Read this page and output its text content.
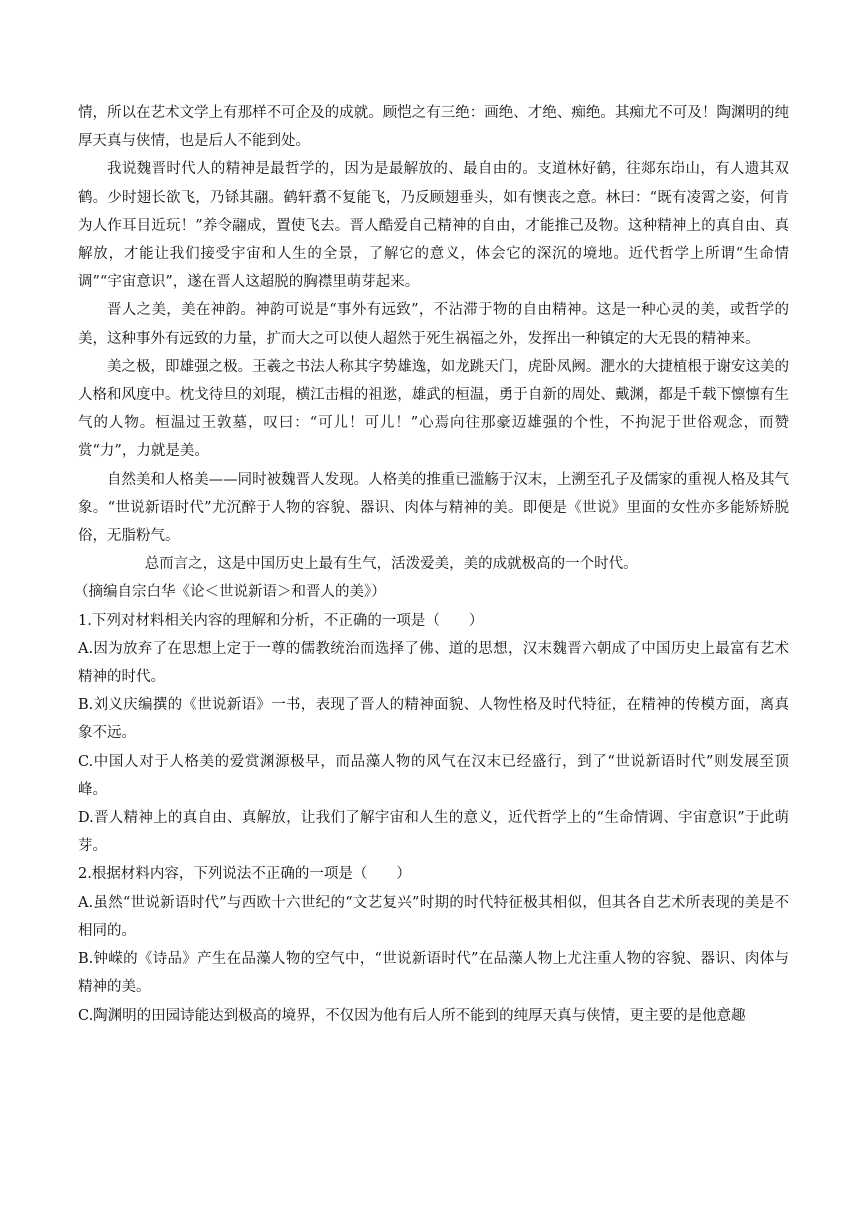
情，所以在艺术文学上有那样不可企及的成就。顾恺之有三绝：画绝、才绝、痴绝。其痴尤不可及！陶渊明的纯厚天真与侠情，也是后人不能到处。

我说魏晋时代人的精神是最哲学的，因为是最解放的、最自由的。支道林好鹤，往郯东岇山，有人遗其双鹤。少时翅长欲飞，乃铩其翮。鹤轩翥不复能飞，乃反顾翅垂头，如有懊丧之意。林曰：“既有凌霄之姿，何肯为人作耳目近玩！”养令翮成，置使飞去。晋人酷爱自己精神的自由，才能推己及物。这种精神上的真自由、真解放，才能让我们接受宇宙和人生的全景，了解它的意义，体会它的深沉的境地。近代哲学上所谓“生命情调”“宇宙意识”，遂在晋人这超脱的胸襟里萌芽起来。

晋人之美，美在神韵。神韵可说是“事外有远致”，不沾滞于物的自由精神。这是一种心灵的美，或哲学的美，这种事外有远致的力量，扩而大之可以使人超然于死生祸福之外，发挥出一种镇定的大无畏的精神来。

美之极，即雄强之极。王羲之书法人称其字势雄逸，如龙跳天门，虎卧凤阙。淝水的大捷植根于谢安这美的人格和风度中。枕戈待旦的刘琨，横江击楫的祖逖，雄武的桓温，勇于自新的周处、戴渊，都是千载下懔懔有生气的人物。桓温过王敦墓，叹曰：“可儿！可儿！”心焉向往那豪迈雄强的个性，不拘泥于世俗观念，而赞赏“力”，力就是美。

自然美和人格美——同时被魏晋人发现。人格美的推重已滥觞于汉末，上溯至孔子及儒家的重视人格及其气象。“世说新语时代”尤沉醉于人物的容貌、器识、肉体与精神的美。即便是《世说》里面的女性亦多能矫矫脱俗，无脂粉气。

总而言之，这是中国历史上最有生气，活泼爱美，美的成就极高的一个时代。

（摘编自宗白华《论＜世说新语＞和晋人的美》）

1.下列对材料相关内容的理解和分析，不正确的一项是（　　）

A.因为放弃了在思想上定于一尊的儒教统治而选择了佛、道的思想，汉末魏晋六朝成了中国历史上最富有艺术精神的时代。

B.刘义庆编撰的《世说新语》一书，表现了晋人的精神面貌、人物性格及时代特征，在精神的传模方面，离真象不远。

C.中国人对于人格美的爱赏渊源极早，而品藻人物的风气在汉末已经盛行，到了“世说新语时代”则发展至顶峰。

D.晋人精神上的真自由、真解放，让我们了解宇宙和人生的意义，近代哲学上的“生命情调、宇宙意识”于此萌芽。

2.根据材料内容，下列说法不正确的一项是（　　）

A.虽然“世说新语时代”与西欧十六世纪的“文艺复兴”时期的时代特征极其相似，但其各自艺术所表现的美是不相同的。

B.钟嵘的《诗品》产生在品藻人物的空气中，“世说新语时代”在品藻人物上尤注重人物的容貌、器识、肉体与精神的美。

C.陶渊明的田园诗能达到极高的境界，不仅因为他有后人所不能到的纯厚天真与侠情，更主要的是他意趣
